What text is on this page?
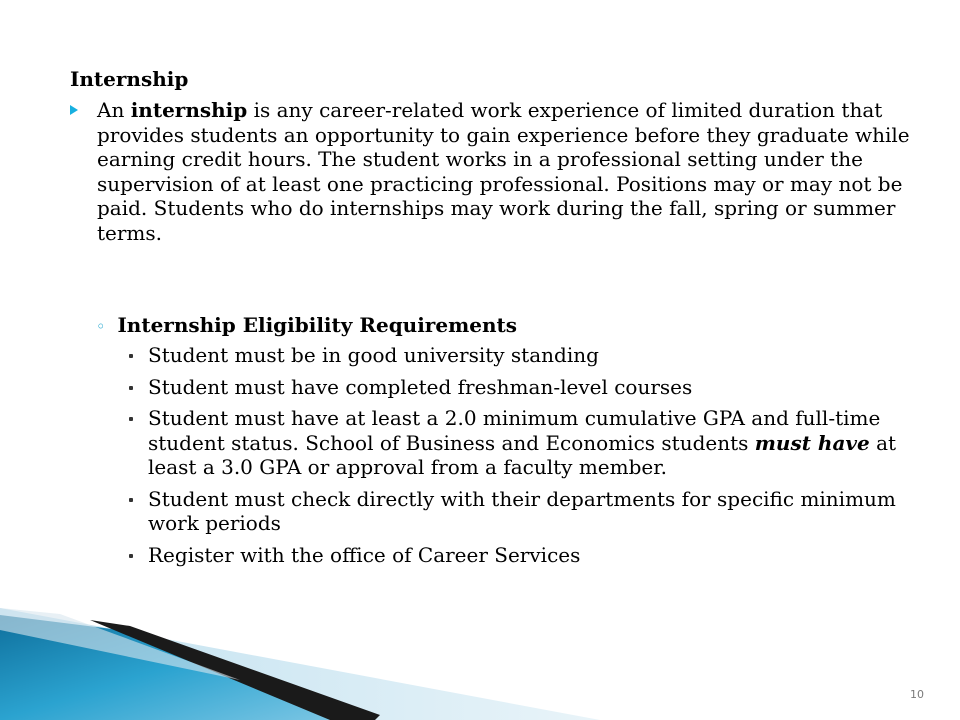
Internship
An internship is any career-related work experience of limited duration that provides students an opportunity to gain experience before they graduate while earning credit hours. The student works in a professional setting under the supervision of at least one practicing professional. Positions may or may not be paid. Students who do internships may work during the fall, spring or summer terms.
◦ Internship Eligibility Requirements
Student must be in good university standing
Student must have completed freshman-level courses
Student must have at least a 2.0 minimum cumulative GPA and full-time student status. School of Business and Economics students must have at least a 3.0 GPA or approval from a faculty member.
Student must check directly with their departments for specific minimum work periods
Register with the office of Career Services
10
